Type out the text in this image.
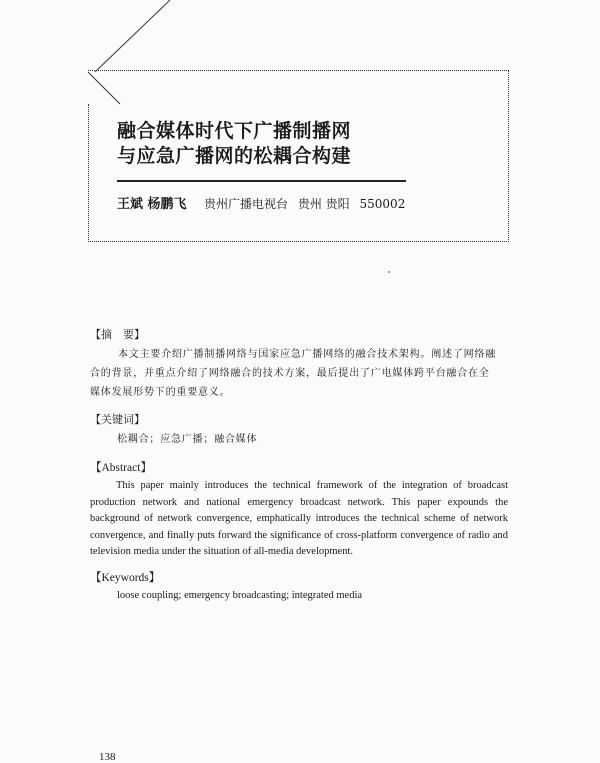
融合媒体时代下广播制播网
与应急广播网的松耦合构建
王斌 杨鹏飞 贵州广播电视台 贵州 贵阳 550002
【摘　要】
本文主要介绍广播制播网络与国家应急广播网络的融合技术架构。阐述了网络融合的背景，并重点介绍了网络融合的技术方案，最后提出了广电媒体跨平台融合在全媒体发展形势下的重要意义。
【关键词】
松耦合；应急广播；融合媒体
【Abstract】
This paper mainly introduces the technical framework of the integration of broadcast production network and national emergency broadcast network. This paper expounds the background of network convergence, emphatically introduces the technical scheme of network convergence, and finally puts forward the significance of cross-platform convergence of radio and television media under the situation of all-media development.
【Keywords】
loose coupling; emergency broadcasting; integrated media
138
